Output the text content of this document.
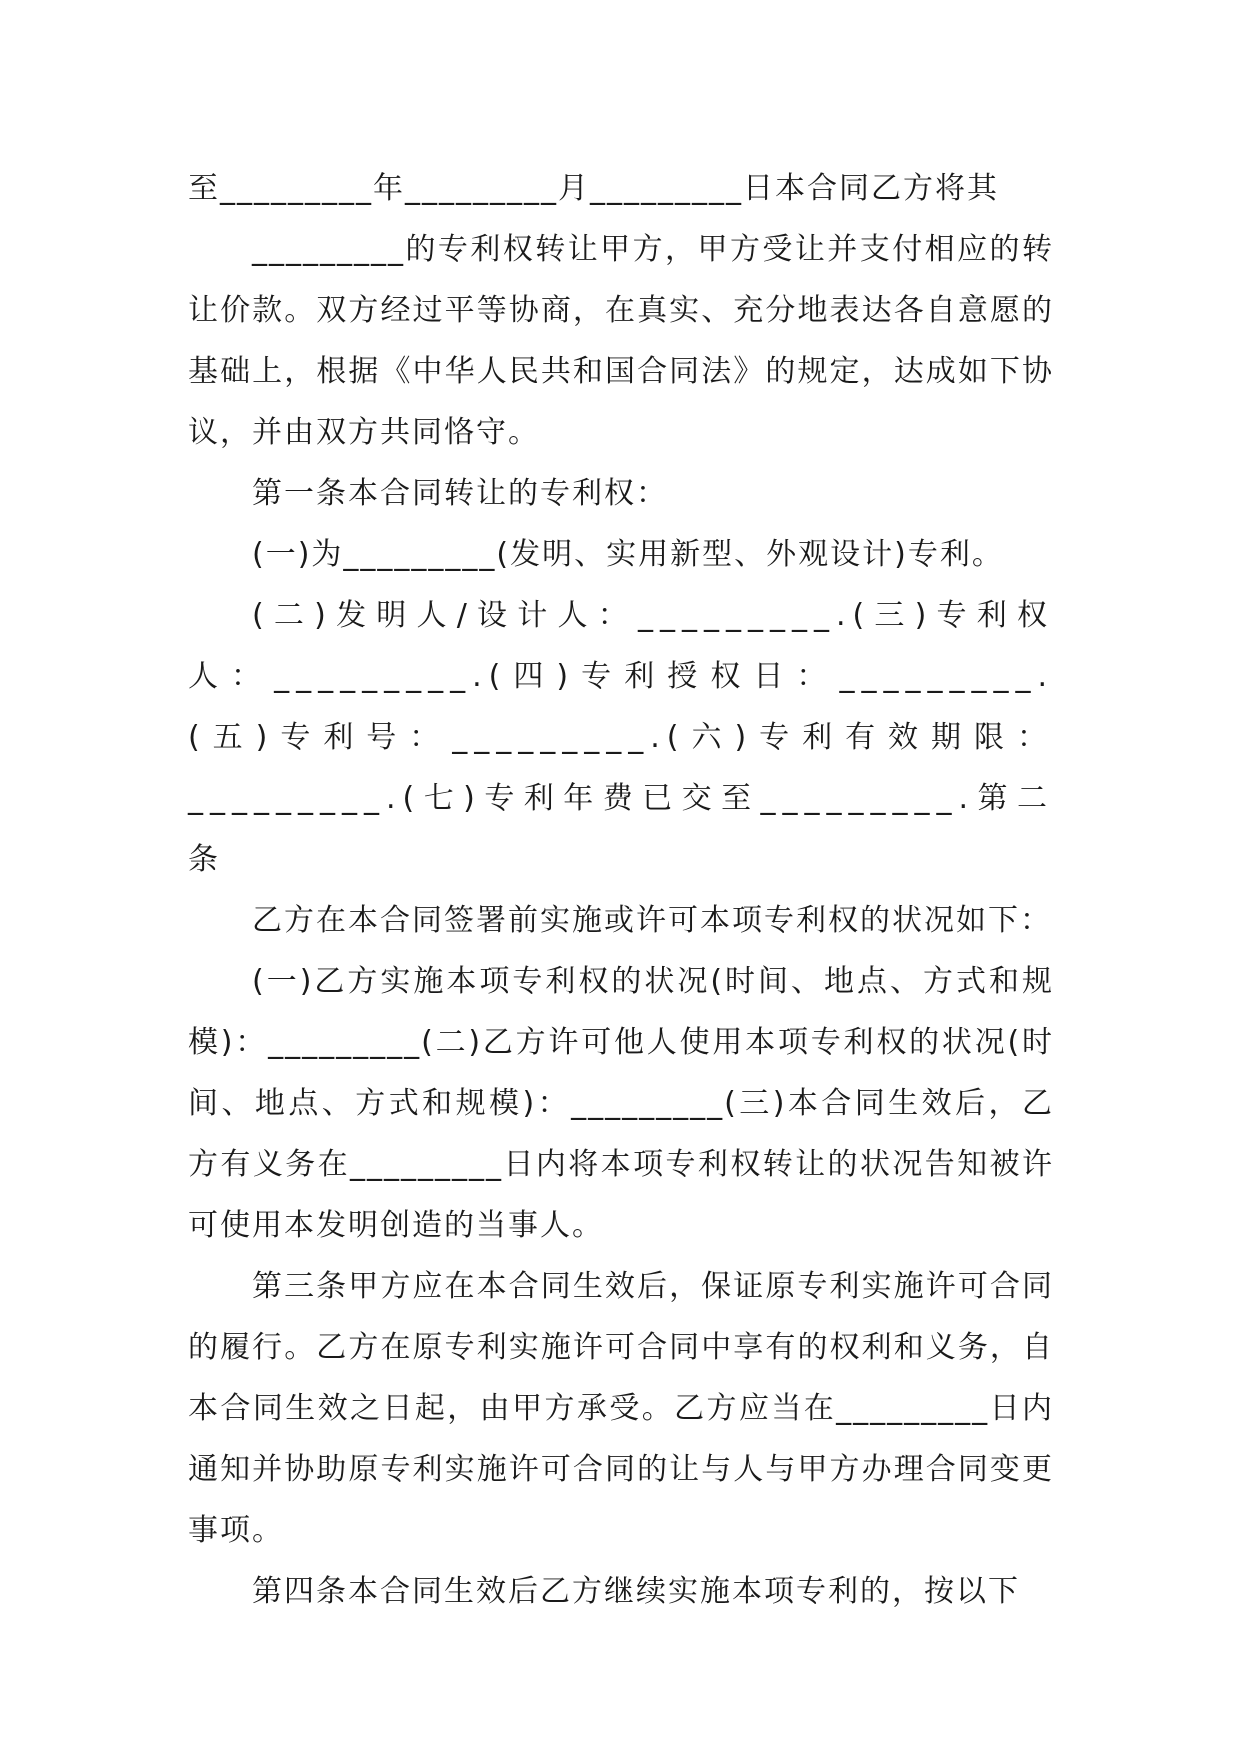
至_________年_________月_________日本合同乙方将其

_________的专利权转让甲方，甲方受让并支付相应的转让价款。双方经过平等协商，在真实、充分地表达各自意愿的基础上，根据《中华人民共和国合同法》的规定，达成如下协议，并由双方共同恪守。

第一条本合同转让的专利权：

(一)为_________(发明、实用新型、外观设计)专利。

(二)发明人/设计人：_________.(三)专利权人：_________.(四)专利授权日：_________.(五)专利号：_________.(六)专利有效期限：_________.(七)专利年费已交至_________.第二条

乙方在本合同签署前实施或许可本项专利权的状况如下：

(一)乙方实施本项专利权的状况(时间、地点、方式和规模)：_________(二)乙方许可他人使用本项专利权的状况(时间、地点、方式和规模)：_________(三)本合同生效后，乙方有义务在_________日内将本项专利权转让的状况告知被许可使用本发明创造的当事人。

第三条甲方应在本合同生效后，保证原专利实施许可合同的履行。乙方在原专利实施许可合同中享有的权利和义务，自本合同生效之日起，由甲方承受。乙方应当在_________日内通知并协助原专利实施许可合同的让与人与甲方办理合同变更事项。

第四条本合同生效后乙方继续实施本项专利的，按以下
